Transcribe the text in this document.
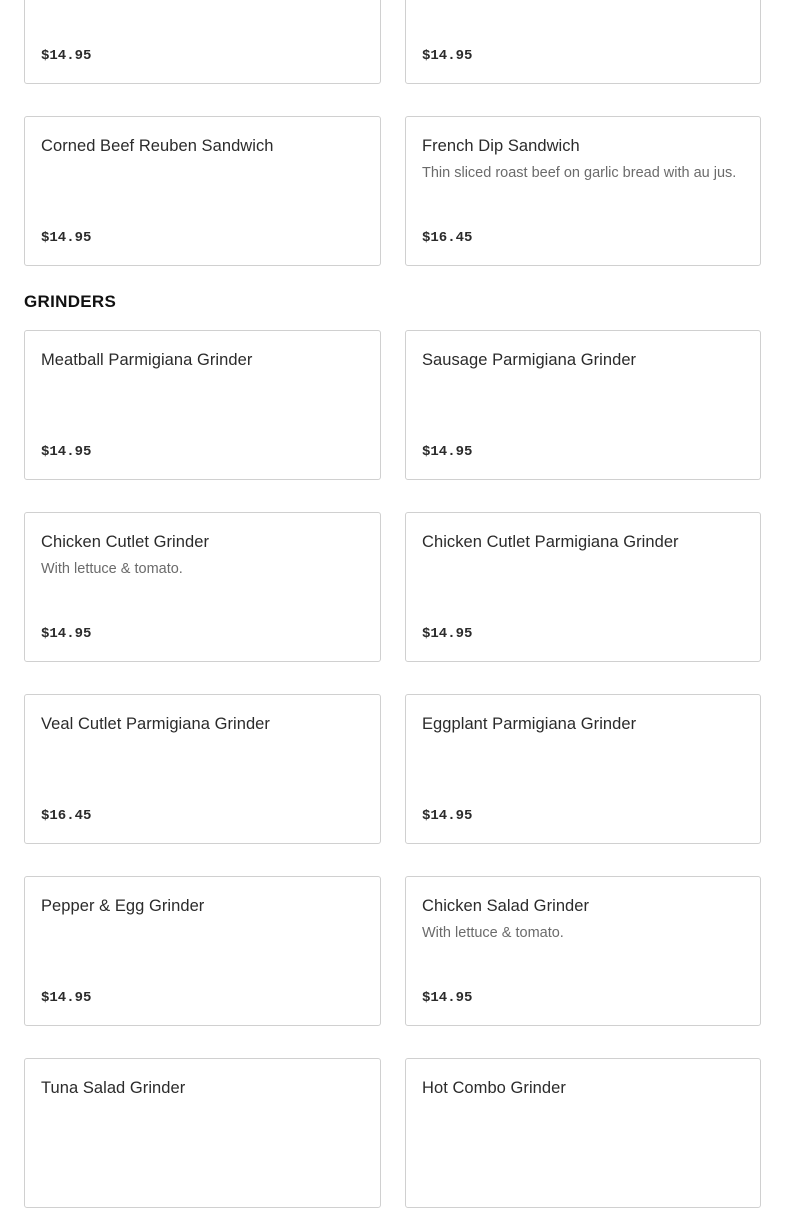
$14.95	$14.95
Corned Beef Reuben Sandwich
$14.95
French Dip Sandwich
Thin sliced roast beef on garlic bread with au jus.
$16.45
GRINDERS
Meatball Parmigiana Grinder
$14.95
Sausage Parmigiana Grinder
$14.95
Chicken Cutlet Grinder
With lettuce & tomato.
$14.95
Chicken Cutlet Parmigiana Grinder
$14.95
Veal Cutlet Parmigiana Grinder
$16.45
Eggplant Parmigiana Grinder
$14.95
Pepper & Egg Grinder
$14.95
Chicken Salad Grinder
With lettuce & tomato.
$14.95
Tuna Salad Grinder	Hot Combo Grinder
